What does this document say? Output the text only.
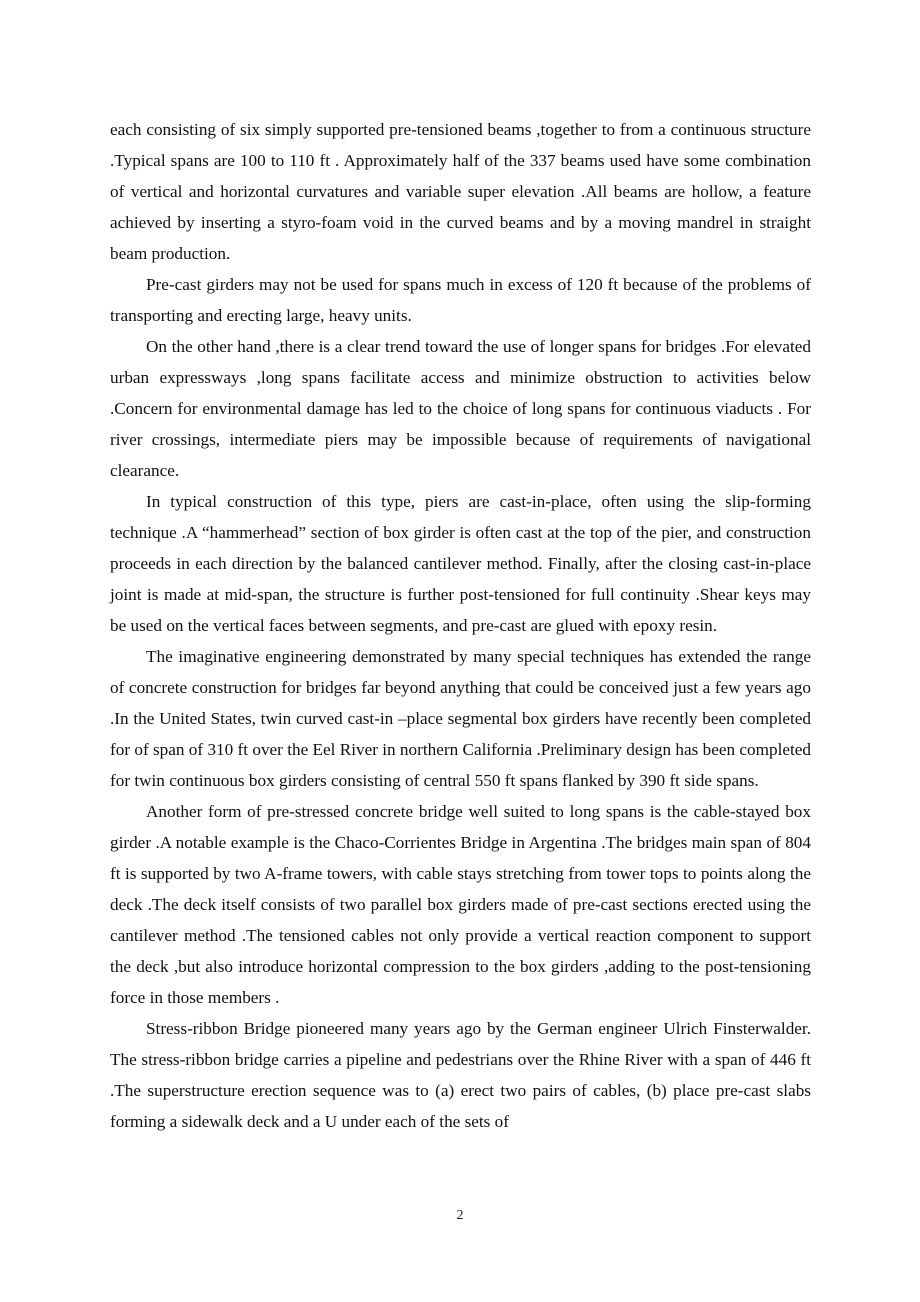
each consisting of six simply supported pre-tensioned beams ,together to from a continuous structure .Typical spans are 100 to 110 ft . Approximately half of the 337 beams used have some combination of vertical and horizontal curvatures and variable super elevation .All beams are hollow, a feature achieved by inserting a styro-foam void in the curved beams and by a moving mandrel in straight beam production.

Pre-cast girders may not be used for spans much in excess of 120 ft because of the problems of transporting and erecting large, heavy units.

On the other hand ,there is a clear trend toward the use of longer spans for bridges .For elevated urban expressways ,long spans facilitate access and minimize obstruction to activities below .Concern for environmental damage has led to the choice of long spans for continuous viaducts . For river crossings, intermediate piers may be impossible because of requirements of navigational clearance.

In typical construction of this type, piers are cast-in-place, often using the slip-forming technique .A “hammerhead” section of box girder is often cast at the top of the pier, and construction proceeds in each direction by the balanced cantilever method. Finally, after the closing cast-in-place joint is made at mid-span, the structure is further post-tensioned for full continuity .Shear keys may be used on the vertical faces between segments, and pre-cast are glued with epoxy resin.

The imaginative engineering demonstrated by many special techniques has extended the range of concrete construction for bridges far beyond anything that could be conceived just a few years ago .In the United States, twin curved cast-in –place segmental box girders have recently been completed for of span of 310 ft over the Eel River in northern California .Preliminary design has been completed for twin continuous box girders consisting of central 550 ft spans flanked by 390 ft side spans.

Another form of pre-stressed concrete bridge well suited to long spans is the cable-stayed box girder .A notable example is the Chaco-Corrientes Bridge in Argentina .The bridges main span of 804 ft is supported by two A-frame towers, with cable stays stretching from tower tops to points along the deck .The deck itself consists of two parallel box girders made of pre-cast sections erected using the cantilever method .The tensioned cables not only provide a vertical reaction component to support the deck ,but also introduce horizontal compression to the box girders ,adding to the post-tensioning force in those members .

Stress-ribbon Bridge pioneered many years ago by the German engineer Ulrich Finsterwalder. The stress-ribbon bridge carries a pipeline and pedestrians over the Rhine River with a span of 446 ft .The superstructure erection sequence was to (a) erect two pairs of cables, (b) place pre-cast slabs forming a sidewalk deck and a U under each of the sets of

2
